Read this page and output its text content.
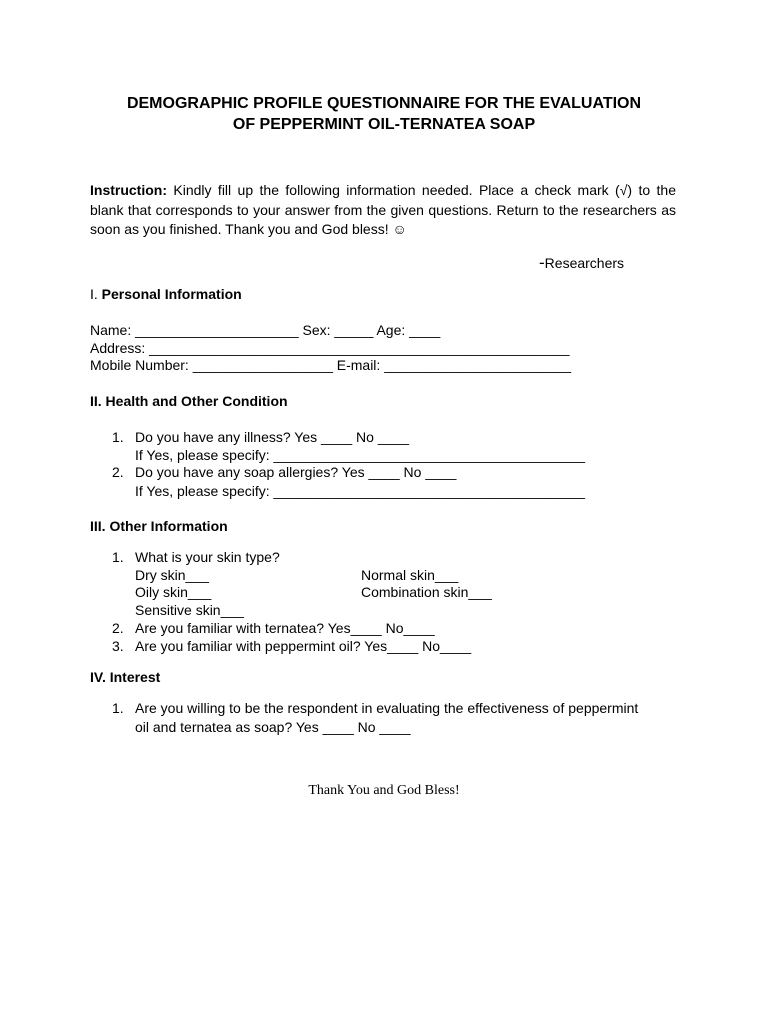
DEMOGRAPHIC PROFILE QUESTIONNAIRE FOR THE EVALUATION
OF PEPPERMINT OIL-TERNATEA SOAP
Instruction: Kindly fill up the following information needed. Place a check mark (√) to the blank that corresponds to your answer from the given questions. Return to the researchers as soon as you finished. Thank you and God bless! ☺
-Researchers
I. Personal Information
Name: _____________________ Sex: _____ Age: ____
Address: ______________________________________________________
Mobile Number: __________________ E-mail: ________________________
II. Health and Other Condition
1. Do you have any illness? Yes ____ No ____
If Yes, please specify: ________________________________________
2. Do you have any soap allergies? Yes ____ No ____
If Yes, please specify: ________________________________________
III. Other Information
1. What is your skin type?
Dry skin___	Normal skin___
Oily skin___	Combination skin___
Sensitive skin___
2. Are you familiar with ternatea? Yes____ No____
3. Are you familiar with peppermint oil? Yes____ No____
IV. Interest
1. Are you willing to be the respondent in evaluating the effectiveness of peppermint
oil and ternatea as soap? Yes ____ No ____
Thank You and God Bless!
